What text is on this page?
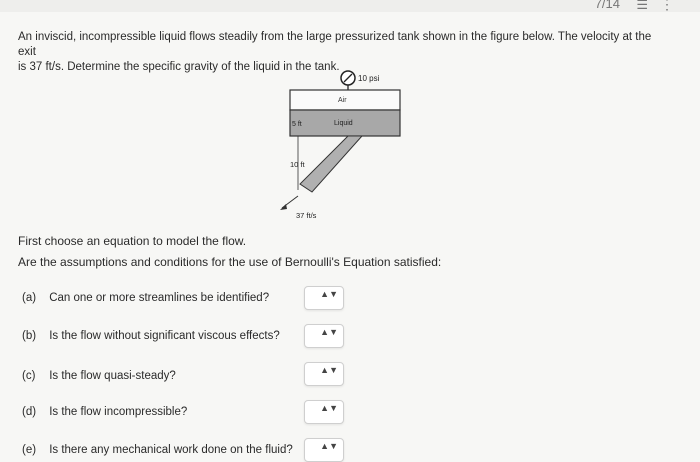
7/14 ☰ ⋮
An inviscid, incompressible liquid flows steadily from the large pressurized tank shown in the figure below. The velocity at the exit
is 37 ft/s. Determine the specific gravity of the liquid in the tank.
10 psi
Air
Liquid
5 ft
10 ft
37 ft/s
First choose an equation to model the flow.
Are the assumptions and conditions for the use of Bernoulli's Equation satisfied:
(a) Can one or more streamlines be identified?	▲▼
(b) Is the flow without significant viscous effects?	▲▼
(c) Is the flow quasi-steady?	▲▼
(d) Is the flow incompressible?	▲▼
(e) Is there any mechanical work done on the fluid?	▲▼
